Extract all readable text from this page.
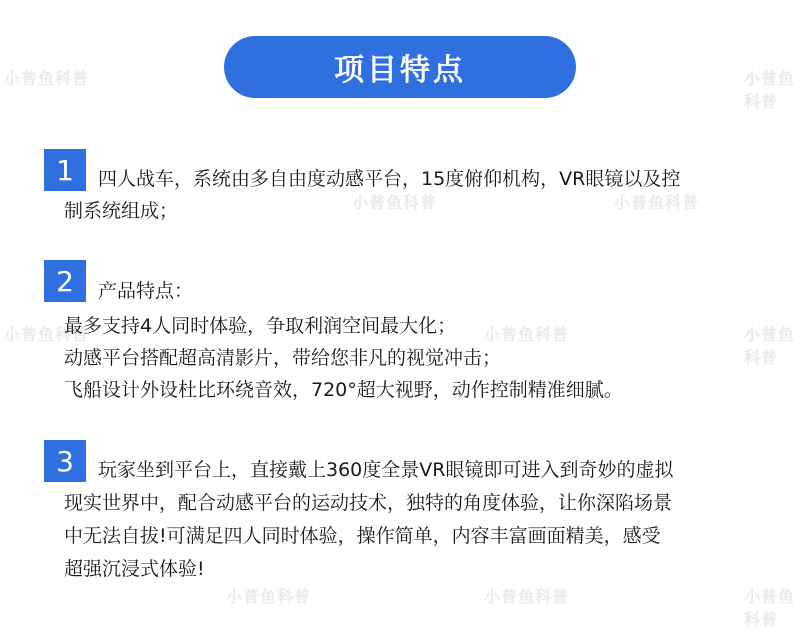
小普鱼科普	小普鱼科普
小普鱼科普	小普鱼科普
小普鱼科普	小普鱼科普	小普鱼科普
小普鱼科普	小普鱼科普	小普鱼科普
项目特点
1 四人战车，系统由多自由度动感平台，15度俯仰机构，VR眼镜以及控
制系统组成；
2 产品特点：
最多支持4人同时体验，争取利润空间最大化；
动感平台搭配超高清影片，带给您非凡的视觉冲击；
飞船设计外设杜比环绕音效，720°超大视野，动作控制精准细腻。
3 玩家坐到平台上，直接戴上360度全景VR眼镜即可进入到奇妙的虚拟
现实世界中，配合动感平台的运动技术，独特的角度体验，让你深陷场景
中无法自拔!可满足四人同时体验，操作简单，内容丰富画面精美，感受
超强沉浸式体验!
